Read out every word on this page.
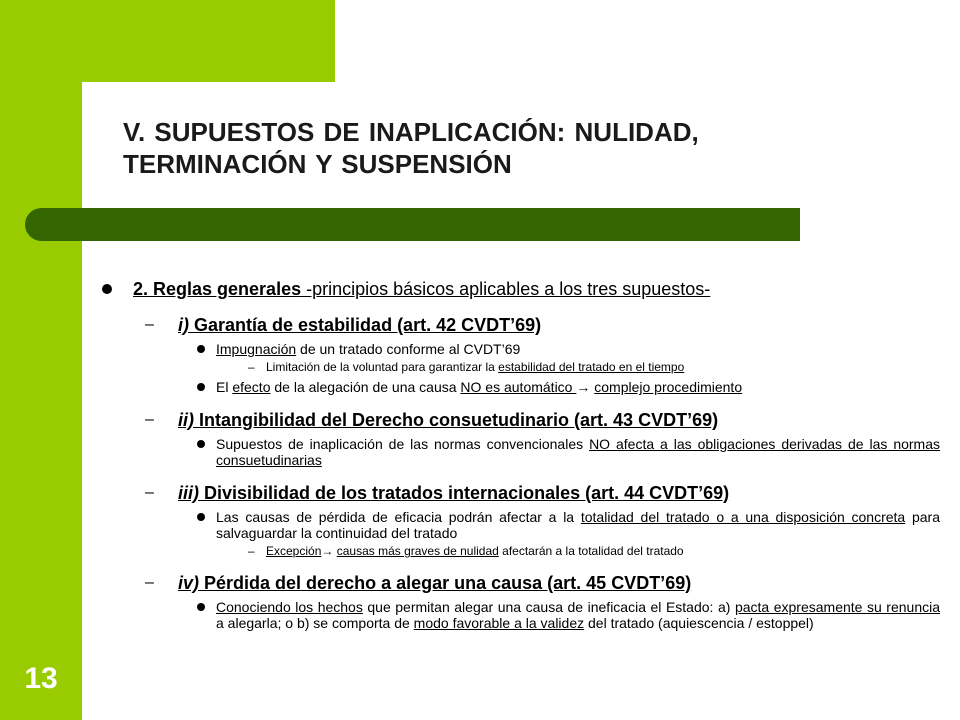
13
V. SUPUESTOS DE INAPLICACIÓN: NULIDAD, TERMINACIÓN Y SUSPENSIÓN
2. Reglas generales -principios básicos aplicables a los tres supuestos-
– i) Garantía de estabilidad (art. 42 CVDT’69)
Impugnación de un tratado conforme al CVDT’69
– Limitación de la voluntad para garantizar la estabilidad del tratado en el tiempo
El efecto de la alegación de una causa NO es automático → complejo procedimiento
– ii) Intangibilidad del Derecho consuetudinario (art. 43 CVDT’69)
Supuestos de inaplicación de las normas convencionales NO afecta a las obligaciones derivadas de las normas consuetudinarias
– iii) Divisibilidad de los tratados internacionales (art. 44 CVDT’69)
Las causas de pérdida de eficacia podrán afectar a la totalidad del tratado o a una disposición concreta para salvaguardar la continuidad del tratado
– Excepción→ causas más graves de nulidad afectarán a la totalidad del tratado
– iv) Pérdida del derecho a alegar una causa (art. 45 CVDT’69)
Conociendo los hechos que permitan alegar una causa de ineficacia el Estado: a) pacta expresamente su renuncia a alegarla; o b) se comporta de modo favorable a la validez del tratado (aquiescencia / estoppel)
